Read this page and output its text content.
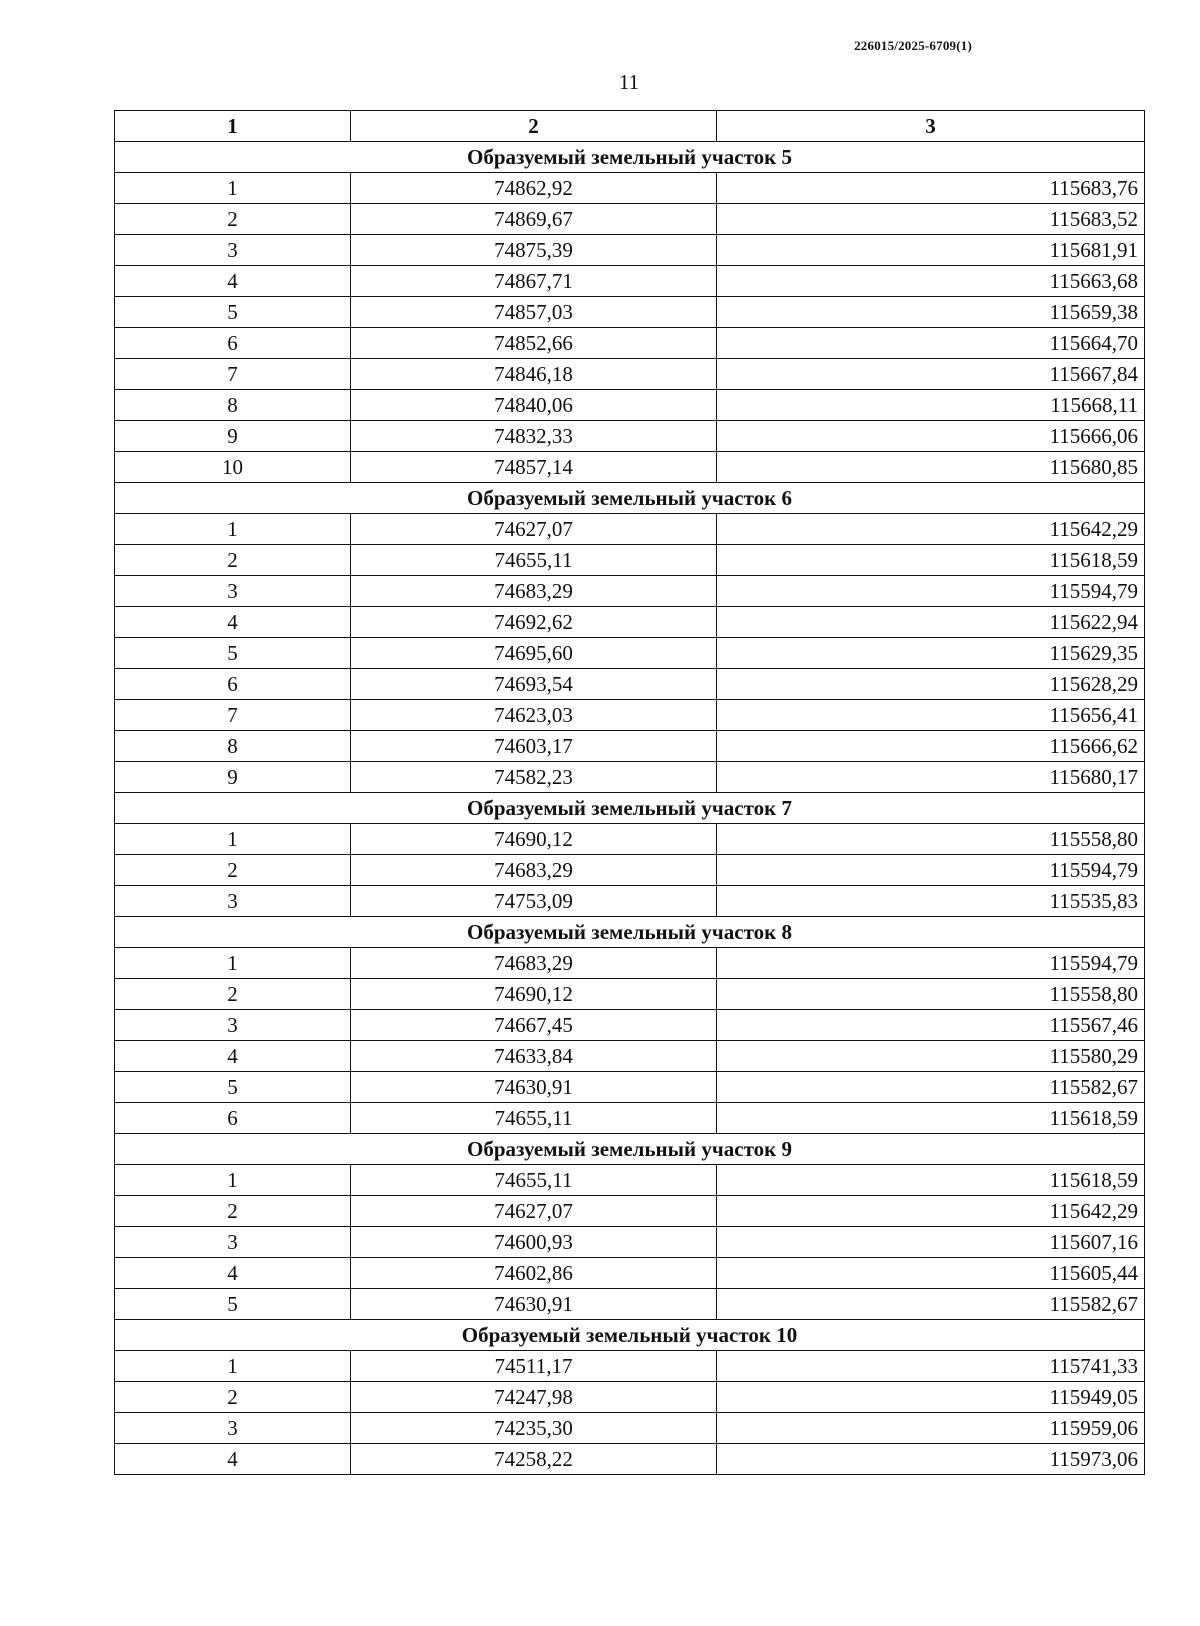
226015/2025-6709(1)
11
1	2	3
Образуемый земельный участок 5		
1	74862,92	115683,76
2	74869,67	115683,52
3	74875,39	115681,91
4	74867,71	115663,68
5	74857,03	115659,38
6	74852,66	115664,70
7	74846,18	115667,84
8	74840,06	115668,11
9	74832,33	115666,06
10	74857,14	115680,85
Образуемый земельный участок 6		
1	74627,07	115642,29
2	74655,11	115618,59
3	74683,29	115594,79
4	74692,62	115622,94
5	74695,60	115629,35
6	74693,54	115628,29
7	74623,03	115656,41
8	74603,17	115666,62
9	74582,23	115680,17
Образуемый земельный участок 7		
1	74690,12	115558,80
2	74683,29	115594,79
3	74753,09	115535,83
Образуемый земельный участок 8		
1	74683,29	115594,79
2	74690,12	115558,80
3	74667,45	115567,46
4	74633,84	115580,29
5	74630,91	115582,67
6	74655,11	115618,59
Образуемый земельный участок 9		
1	74655,11	115618,59
2	74627,07	115642,29
3	74600,93	115607,16
4	74602,86	115605,44
5	74630,91	115582,67
Образуемый земельный участок 10		
1	74511,17	115741,33
2	74247,98	115949,05
3	74235,30	115959,06
4	74258,22	115973,06
